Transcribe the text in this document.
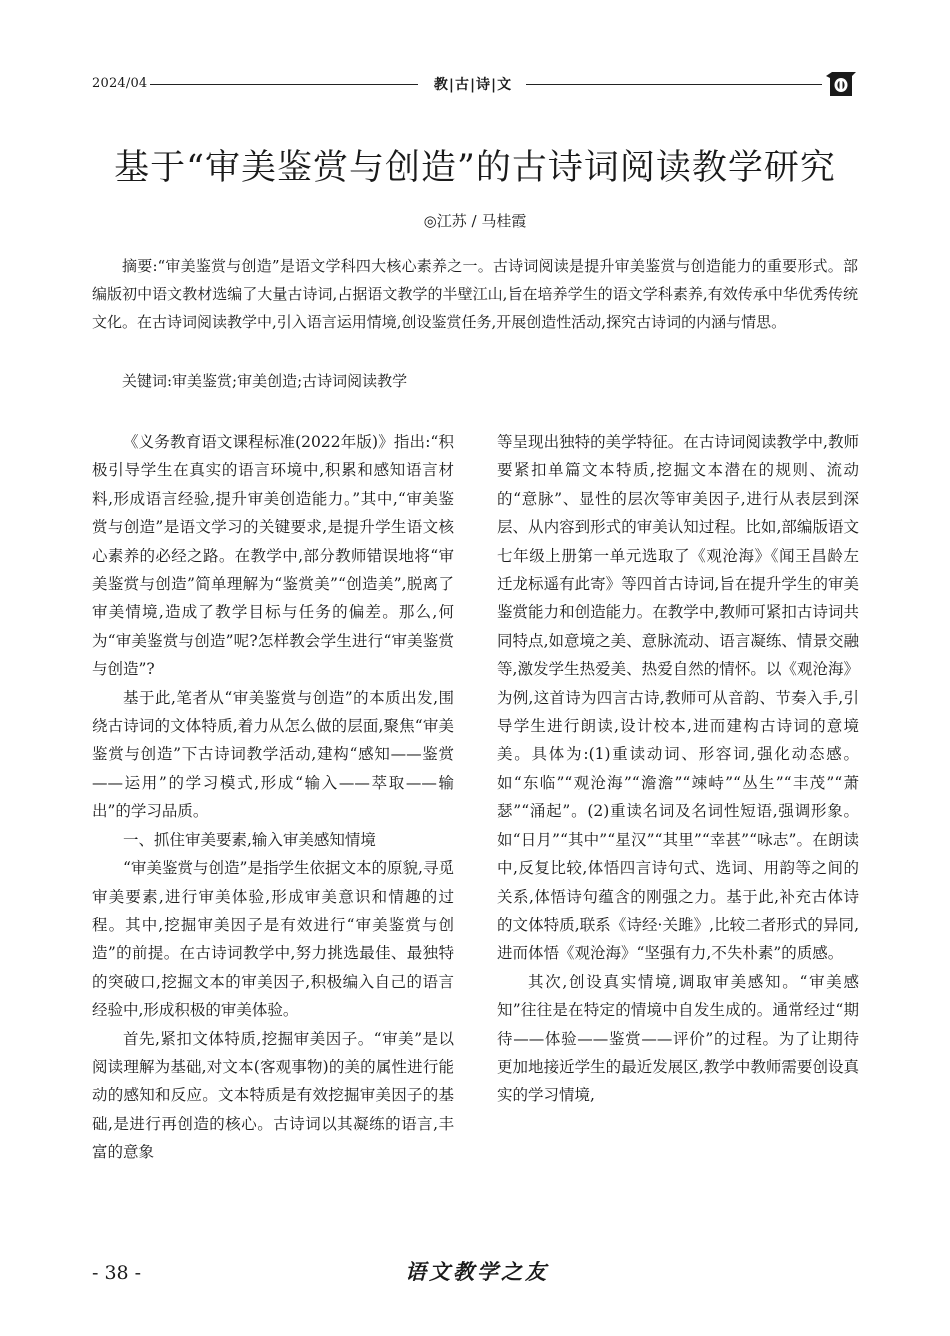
2024/04	教|古|诗|文
基于“审美鉴赏与创造”的古诗词阅读教学研究
◎江苏 / 马桂霞
摘要:“审美鉴赏与创造”是语文学科四大核心素养之一。古诗词阅读是提升审美鉴赏与创造能力的重要形式。部编版初中语文教材选编了大量古诗词,占据语文教学的半壁江山,旨在培养学生的语文学科素养,有效传承中华优秀传统文化。在古诗词阅读教学中,引入语言运用情境,创设鉴赏任务,开展创造性活动,探究古诗词的内涵与情思。
关键词:审美鉴赏;审美创造;古诗词阅读教学

《义务教育语文课程标准(2022年版)》指出:“积极引导学生在真实的语言环境中,积累和感知语言材料,形成语言经验,提升审美创造能力。”其中,“审美鉴赏与创造”是语文学习的关键要求,是提升学生语文核心素养的必经之路。在教学中,部分教师错误地将“审美鉴赏与创造”简单理解为“鉴赏美”“创造美”,脱离了审美情境,造成了教学目标与任务的偏差。那么,何为“审美鉴赏与创造”呢?怎样教会学生进行“审美鉴赏与创造”?

基于此,笔者从“审美鉴赏与创造”的本质出发,围绕古诗词的文体特质,着力从怎么做的层面,聚焦“审美鉴赏与创造”下古诗词教学活动,建构“感知——鉴赏——运用”的学习模式,形成“输入——萃取——输出”的学习品质。

一、抓住审美要素,输入审美感知情境

“审美鉴赏与创造”是指学生依据文本的原貌,寻觅审美要素,进行审美体验,形成审美意识和情趣的过程。其中,挖掘审美因子是有效进行“审美鉴赏与创造”的前提。在古诗词教学中,努力挑选最佳、最独特的突破口,挖掘文本的审美因子,积极编入自己的语言经验中,形成积极的审美体验。

首先,紧扣文体特质,挖掘审美因子。“审美”是以阅读理解为基础,对文本(客观事物)的美的属性进行能动的感知和反应。文本特质是有效挖掘审美因子的基础,是进行再创造的核心。古诗词以其凝练的语言,丰富的意象

等呈现出独特的美学特征。在古诗词阅读教学中,教师要紧扣单篇文本特质,挖掘文本潜在的规则、流动的“意脉”、显性的层次等审美因子,进行从表层到深层、从内容到形式的审美认知过程。比如,部编版语文七年级上册第一单元选取了《观沧海》《闻王昌龄左迁龙标遥有此寄》等四首古诗词,旨在提升学生的审美鉴赏能力和创造能力。在教学中,教师可紧扣古诗词共同特点,如意境之美、意脉流动、语言凝练、情景交融等,激发学生热爱美、热爱自然的情怀。以《观沧海》为例,这首诗为四言古诗,教师可从音韵、节奏入手,引导学生进行朗读,设计校本,进而建构古诗词的意境美。具体为:(1)重读动词、形容词,强化动态感。如“东临”“观沧海”“澹澹”“竦峙”“丛生”“丰茂”“萧瑟”“涌起”。(2)重读名词及名词性短语,强调形象。如“日月”“其中”“星汉”“其里”“幸甚”“咏志”。在朗读中,反复比较,体悟四言诗句式、选词、用韵等之间的关系,体悟诗句蕴含的刚强之力。基于此,补充古体诗的文体特质,联系《诗经·关雎》,比较二者形式的异同,进而体悟《观沧海》“坚强有力,不失朴素”的质感。

其次,创设真实情境,调取审美感知。“审美感知”往往是在特定的情境中自发生成的。通常经过“期待——体验——鉴赏——评价”的过程。为了让期待更加地接近学生的最近发展区,教学中教师需要创设真实的学习情境,

- 38 -	语文教学之友
